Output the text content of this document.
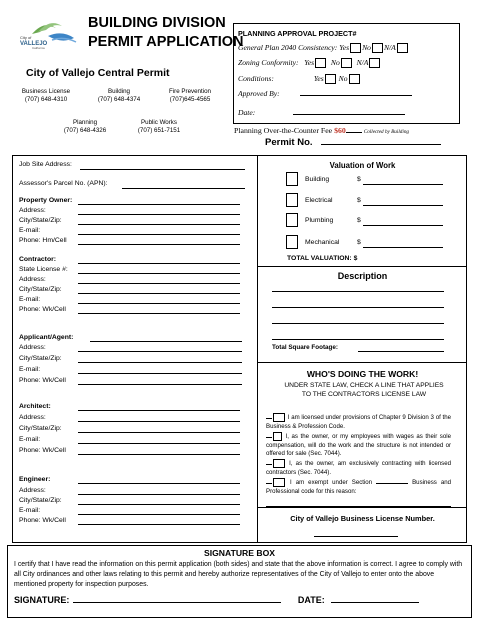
City of
VALLEJO
California
BUILDING DIVISION
PERMIT APPLICATION
City of Vallejo Central Permit
Business License
(707) 648-4310
Building
(707) 648-4374
Fire Prevention
(707)645-4565
Planning
(707) 648-4326
Public Works
(707) 651-7151
PLANNING APPROVAL PROJECT#
General Plan 2040 Consistency: Yes No N/A
Zoning Conformity: Yes No N/A
Conditions:	Yes No
Approved By:
Date:
Planning Over-the-Counter Fee $60	Collected by Building
Permit No.
Job Site Address:
Assessor's Parcel No. (APN):
Property Owner:
Address:
City/State/Zip:
E-mail:
Phone: Hm/Cell
Contractor:
State License #:
Address:
City/State/Zip:
E-mail:
Phone: Wk/Cell
Applicant/Agent:
Address:
City/State/Zip:
E-mail:
Phone: Wk/Cell
Architect:
Address:
City/State/Zip:
E-mail:
Phone: Wk/Cell
Engineer:
Address:
City/State/Zip:
E-mail:
Phone: Wk/Cell
Valuation of Work
Building	$
Electrical	$
Plumbing	$
Mechanical	$
TOTAL VALUATION: $
Description
Total Square Footage:
WHO'S DOING THE WORK!
UNDER STATE LAW, CHECK A LINE THAT APPLIES TO THE CONTRACTORS LICENSE LAW
I am licensed under provisions of Chapter 9 Division 3 of the Business & Profession Code.
I, as the owner, or my employees with wages as their sole compensation, will do the work and the structure is not intended or offered for sale (Sec. 7044).
I, as the owner, am exclusively contracting with licensed contractors (Sec. 7044).
I am exempt under Section	Business and Professional code for this reason:
City of Vallejo Business License Number.
SIGNATURE BOX
I certify that I have read the information on this permit application (both sides) and state that the above information is correct. I agree to comply with all City ordinances and other laws relating to this permit and hereby authorize representatives of the City of Vallejo to enter onto the above mentioned property for inspection purposes.
SIGNATURE:	DATE:
